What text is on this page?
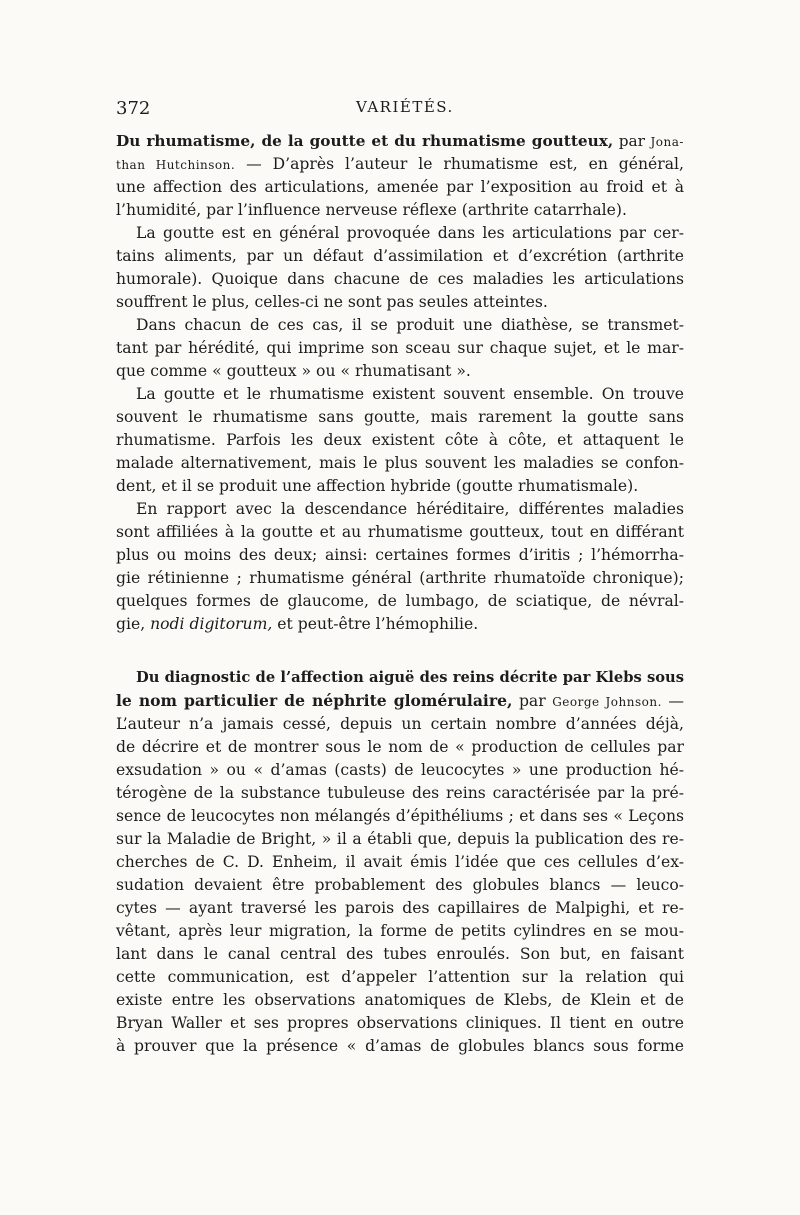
372	VARIÉTÉS.
Du rhumatisme, de la goutte et du rhumatisme goutteux, par Jona-
than Hutchinson. — D’après l’auteur le rhumatisme est, en général,
une affection des articulations, amenée par l’exposition au froid et à
l’humidité, par l’influence nerveuse réflexe (arthrite catarrhale).
La goutte est en général provoquée dans les articulations par cer-
tains aliments, par un défaut d’assimilation et d’excrétion (arthrite
humorale). Quoique dans chacune de ces maladies les articulations
souffrent le plus, celles-ci ne sont pas seules atteintes.
Dans chacun de ces cas, il se produit une diathèse, se transmet-
tant par hérédité, qui imprime son sceau sur chaque sujet, et le mar-
que comme « goutteux » ou « rhumatisant ».
La goutte et le rhumatisme existent souvent ensemble. On trouve
souvent le rhumatisme sans goutte, mais rarement la goutte sans
rhumatisme. Parfois les deux existent côte à côte, et attaquent le
malade alternativement, mais le plus souvent les maladies se confon-
dent, et il se produit une affection hybride (goutte rhumatismale).
En rapport avec la descendance héréditaire, différentes maladies
sont affiliées à la goutte et au rhumatisme goutteux, tout en différant
plus ou moins des deux; ainsi: certaines formes d’iritis ; l’hémorrha-
gie rétinienne ; rhumatisme général (arthrite rhumatoïde chronique);
quelques formes de glaucome, de lumbago, de sciatique, de névral-
gie, nodi digitorum, et peut-être l’hémophilie.
Du diagnostic de l’affection aiguë des reins décrite par Klebs sous
le nom particulier de néphrite glomérulaire, par George Johnson. —
L’auteur n’a jamais cessé, depuis un certain nombre d’années déjà,
de décrire et de montrer sous le nom de « production de cellules par
exsudation » ou « d’amas (casts) de leucocytes » une production hé-
térogène de la substance tubuleuse des reins caractérisée par la pré-
sence de leucocytes non mélangés d’épithéliums ; et dans ses « Leçons
sur la Maladie de Bright, » il a établi que, depuis la publication des re-
cherches de C. D. Enheim, il avait émis l’idée que ces cellules d’ex-
sudation devaient être probablement des globules blancs — leuco-
cytes — ayant traversé les parois des capillaires de Malpighi, et re-
vêtant, après leur migration, la forme de petits cylindres en se mou-
lant dans le canal central des tubes enroulés. Son but, en faisant
cette communication, est d’appeler l’attention sur la relation qui
existe entre les observations anatomiques de Klebs, de Klein et de
Bryan Waller et ses propres observations cliniques. Il tient en outre
à prouver que la présence « d’amas de globules blancs sous forme
